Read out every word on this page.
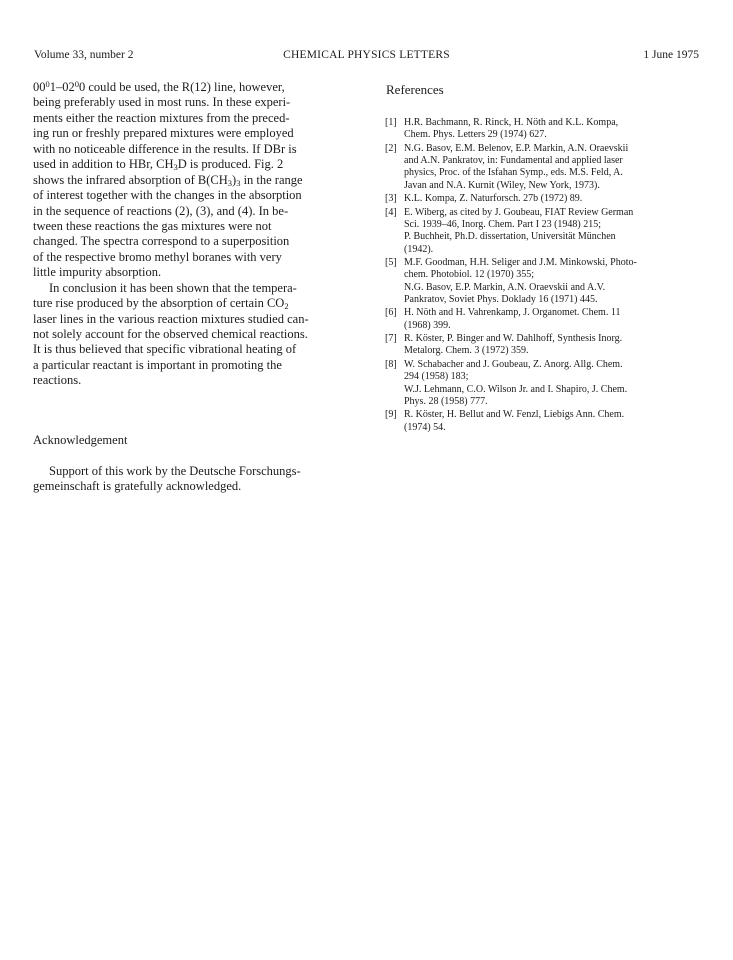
Volume 33, number 2	CHEMICAL PHYSICS LETTERS	1 June 1975
$00^01-02^00$ could be used, the R(12) line, however,
being preferably used in most runs. In these experi-
ments either the reaction mixtures from the preced-
ing run or freshly prepared mixtures were employed
with no noticeable difference in the results. If DBr is
used in addition to HBr, $CH_3D$ is produced. Fig. 2
shows the infrared absorption of $B(CH_3)_3$ in the range
of interest together with the changes in the absorption
in the sequence of reactions (2), (3), and (4). In be-
tween these reactions the gas mixtures were not
changed. The spectra correspond to a superposition
of the respective bromo methyl boranes with very
little impurity absorption.
In conclusion it has been shown that the tempera-
ture rise produced by the absorption of certain $CO_2$
laser lines in the various reaction mixtures studied can-
not solely account for the observed chemical reactions.
It is thus believed that specific vibrational heating of
a particular reactant is important in promoting the
reactions.
Acknowledgement
Support of this work by the Deutsche Forschungs-
gemeinschaft is gratefully acknowledged.
References
[1] H.R. Bachmann, R. Rinck, H. Nöth and K.L. Kompa,
Chem. Phys. Letters 29 (1974) 627.
[2] N.G. Basov, E.M. Belenov, E.P. Markin, A.N. Oraevskii
and A.N. Pankratov, in: Fundamental and applied laser
physics, Proc. of the Isfahan Symp., eds. M.S. Feld, A.
Javan and N.A. Kurnit (Wiley, New York, 1973).
[3] K.L. Kompa, Z. Naturforsch. 27b (1972) 89.
[4] E. Wiberg, as cited by J. Goubeau, FIAT Review German
Sci. 1939–46, Inorg. Chem. Part I 23 (1948) 215;
P. Buchheit, Ph.D. dissertation, Universität München
(1942).
[5] M.F. Goodman, H.H. Seliger and J.M. Minkowski, Photo-
chem. Photobiol. 12 (1970) 355;
N.G. Basov, E.P. Markin, A.N. Oraevskii and A.V.
Pankratov, Soviet Phys. Doklady 16 (1971) 445.
[6] H. Nöth and H. Vahrenkamp, J. Organomet. Chem. 11
(1968) 399.
[7] R. Köster, P. Binger and W. Dahlhoff, Synthesis Inorg.
Metalorg. Chem. 3 (1972) 359.
[8] W. Schabacher and J. Goubeau, Z. Anorg. Allg. Chem.
294 (1958) 183;
W.J. Lehmann, C.O. Wilson Jr. and I. Shapiro, J. Chem.
Phys. 28 (1958) 777.
[9] R. Köster, H. Bellut and W. Fenzl, Liebigs Ann. Chem.
(1974) 54.
